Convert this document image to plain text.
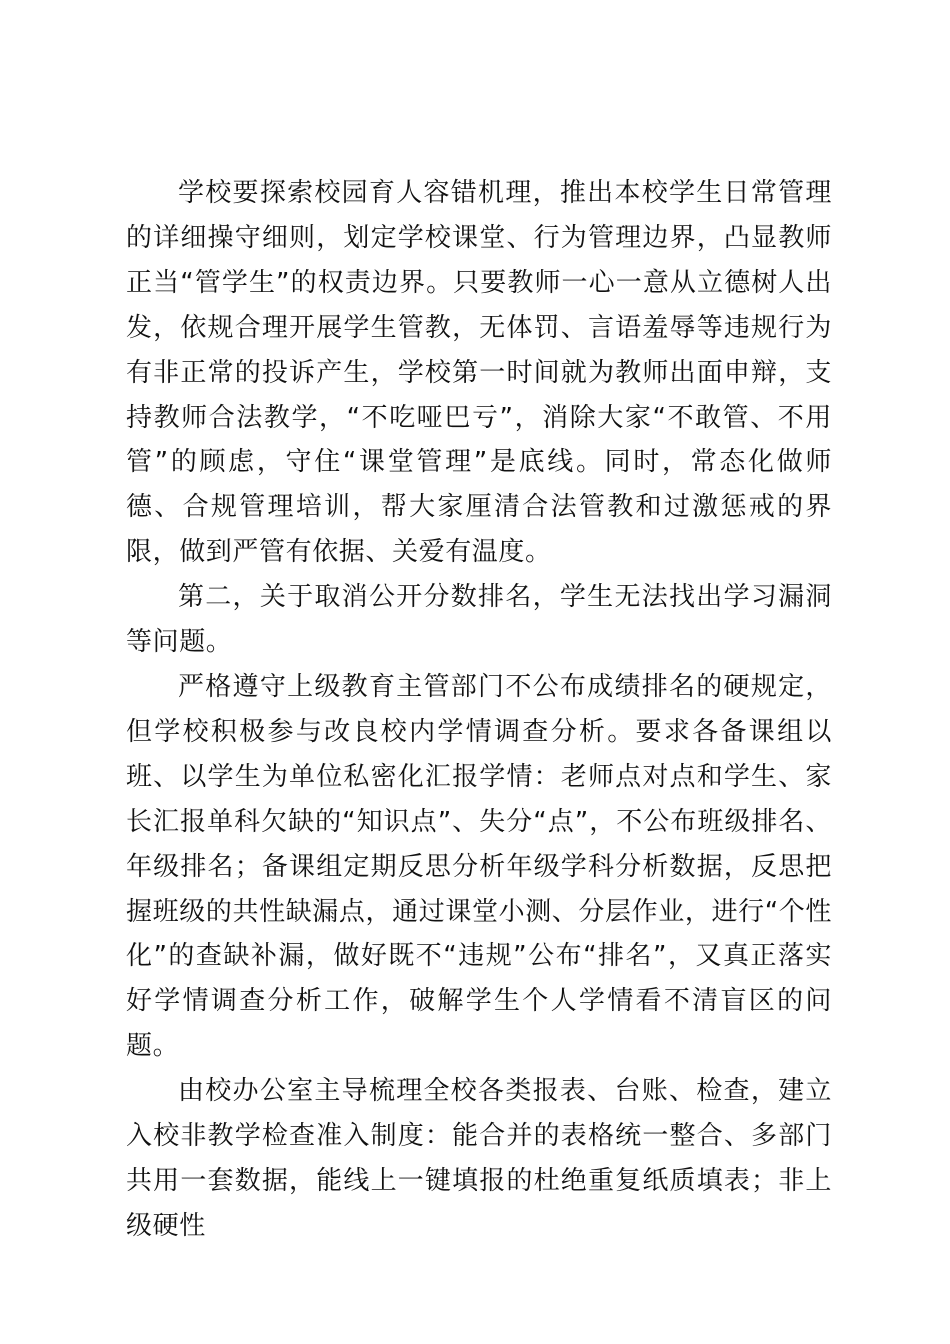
学校要探索校园育人容错机理，推出本校学生日常管理的详细操守细则，划定学校课堂、行为管理边界，凸显教师正当“管学生”的权责边界。只要教师一心一意从立德树人出发，依规合理开展学生管教，无体罚、言语羞辱等违规行为有非正常的投诉产生，学校第一时间就为教师出面申辩，支持教师合法教学，“不吃哑巴亏”，消除大家“不敢管、不用管”的顾虑，守住“课堂管理”是底线。同时，常态化做师德、合规管理培训，帮大家厘清合法管教和过激惩戒的界限，做到严管有依据、关爱有温度。

第二，关于取消公开分数排名，学生无法找出学习漏洞等问题。

严格遵守上级教育主管部门不公布成绩排名的硬规定，但学校积极参与改良校内学情调查分析。要求各备课组以班、以学生为单位私密化汇报学情：老师点对点和学生、家长汇报单科欠缺的“知识点”、失分“点”，不公布班级排名、年级排名；备课组定期反思分析年级学科分析数据，反思把握班级的共性缺漏点，通过课堂小测、分层作业，进行“个性化”的查缺补漏，做好既不“违规”公布“排名”，又真正落实好学情调查分析工作，破解学生个人学情看不清盲区的问题。

由校办公室主导梳理全校各类报表、台账、检查，建立入校非教学检查准入制度：能合并的表格统一整合、多部门共用一套数据，能线上一键填报的杜绝重复纸质填表；非上级硬性
